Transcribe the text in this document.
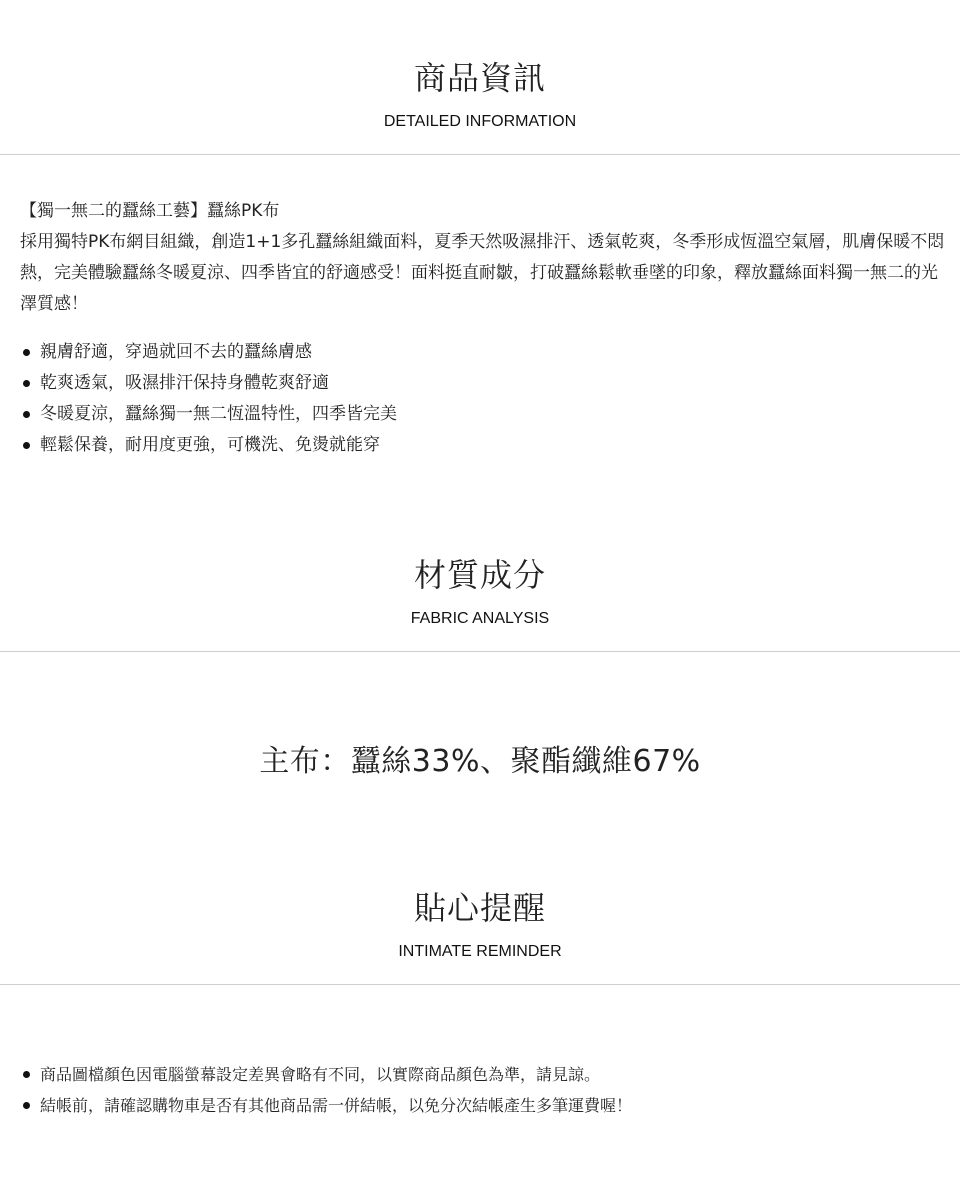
商品資訊
DETAILED INFORMATION

【獨一無二的蠶絲工藝】蠶絲PK布

採用獨特PK布網目組織，創造1+1多孔蠶絲組織面料，夏季天然吸濕排汗、透氣乾爽，冬季形成恆溫空氣層，肌膚保暖不悶熱，完美體驗蠶絲冬暖夏涼、四季皆宜的舒適感受！面料挺直耐皺，打破蠶絲鬆軟垂墜的印象，釋放蠶絲面料獨一無二的光澤質感！

親膚舒適，穿過就回不去的蠶絲膚感
乾爽透氣，吸濕排汗保持身體乾爽舒適
冬暖夏涼，蠶絲獨一無二恆溫特性，四季皆完美
輕鬆保養，耐用度更強，可機洗、免燙就能穿
材質成分
FABRIC ANALYSIS
主布：蠶絲33%、聚酯纖維67%
貼心提醒
INTIMATE REMINDER
商品圖檔顏色因電腦螢幕設定差異會略有不同，以實際商品顏色為準，請見諒。
結帳前，請確認購物車是否有其他商品需一併結帳，以免分次結帳產生多筆運費喔！
